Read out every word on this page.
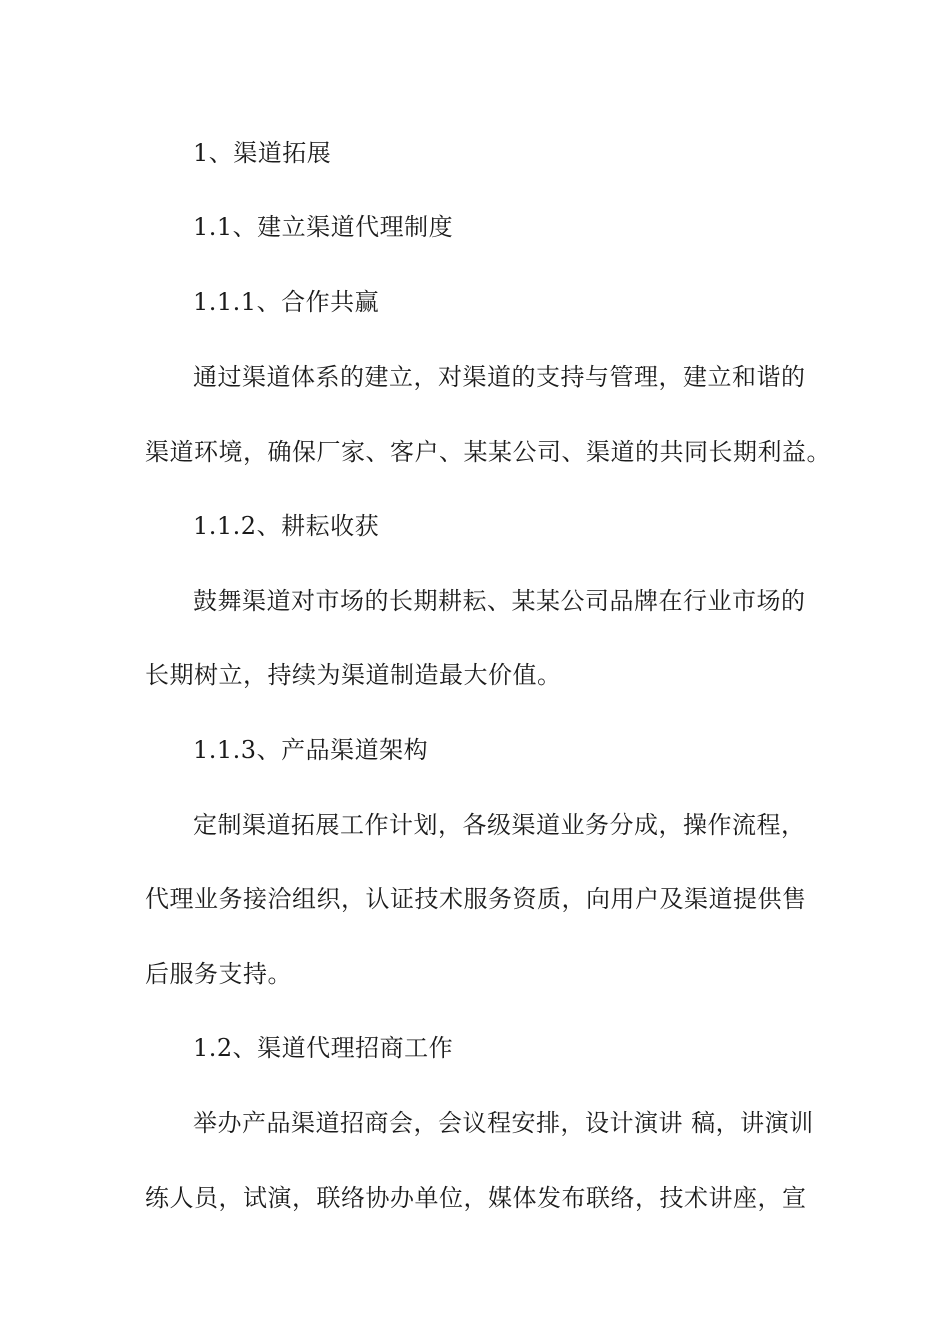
1、渠道拓展
1.1、建立渠道代理制度
1.1.1、合作共赢
通过渠道体系的建立，对渠道的支持与管理，建立和谐的
渠道环境，确保厂家、客户、某某公司、渠道的共同长期利益。
1.1.2、耕耘收获
鼓舞渠道对市场的长期耕耘、某某公司品牌在行业市场的
长期树立，持续为渠道制造最大价值。
1.1.3、产品渠道架构
定制渠道拓展工作计划，各级渠道业务分成，操作流程，
代理业务接洽组织，认证技术服务资质，向用户及渠道提供售
后服务支持。
1.2、渠道代理招商工作
举办产品渠道招商会，会议程安排，设计演讲 稿，讲演训
练人员，试演，联络协办单位，媒体发布联络，技术讲座，宣
